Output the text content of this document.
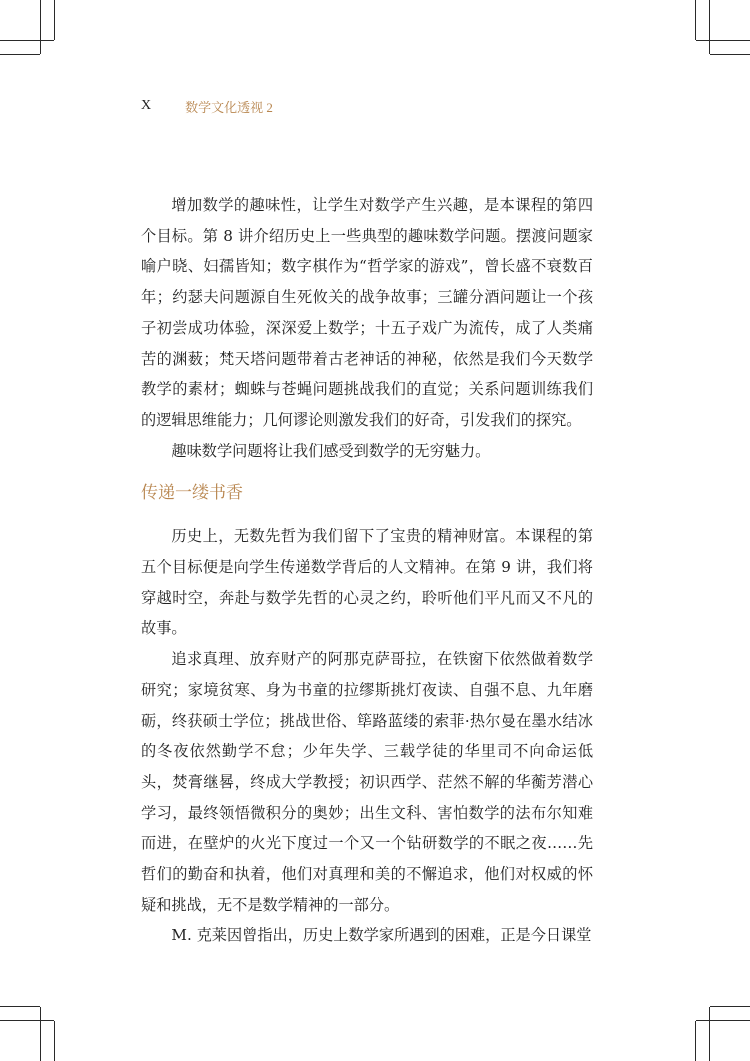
X	数学文化透视 2

增加数学的趣味性，让学生对数学产生兴趣，是本课程的第四个目标。第 8 讲介绍历史上一些典型的趣味数学问题。摆渡问题家喻户晓、妇孺皆知；数字棋作为“哲学家的游戏”，曾长盛不衰数百年；约瑟夫问题源自生死攸关的战争故事；三罐分酒问题让一个孩子初尝成功体验，深深爱上数学；十五子戏广为流传，成了人类痛苦的渊薮；梵天塔问题带着古老神话的神秘，依然是我们今天数学教学的素材；蜘蛛与苍蝇问题挑战我们的直觉；关系问题训练我们的逻辑思维能力；几何谬论则激发我们的好奇，引发我们的探究。

趣味数学问题将让我们感受到数学的无穷魅力。

传递一缕书香

历史上，无数先哲为我们留下了宝贵的精神财富。本课程的第五个目标便是向学生传递数学背后的人文精神。在第 9 讲，我们将穿越时空，奔赴与数学先哲的心灵之约，聆听他们平凡而又不凡的故事。

追求真理、放弃财产的阿那克萨哥拉，在铁窗下依然做着数学研究；家境贫寒、身为书童的拉缪斯挑灯夜读、自强不息、九年磨砺，终获硕士学位；挑战世俗、筚路蓝缕的索菲·热尔曼在墨水结冰的冬夜依然勤学不怠；少年失学、三载学徒的华里司不向命运低头，焚膏继晷，终成大学教授；初识西学、茫然不解的华蘅芳潜心学习，最终领悟微积分的奥妙；出生文科、害怕数学的法布尔知难而进，在壁炉的火光下度过一个又一个钻研数学的不眠之夜……先哲们的勤奋和执着，他们对真理和美的不懈追求，他们对权威的怀疑和挑战，无不是数学精神的一部分。

M. 克莱因曾指出，历史上数学家所遇到的困难，正是今日课堂
